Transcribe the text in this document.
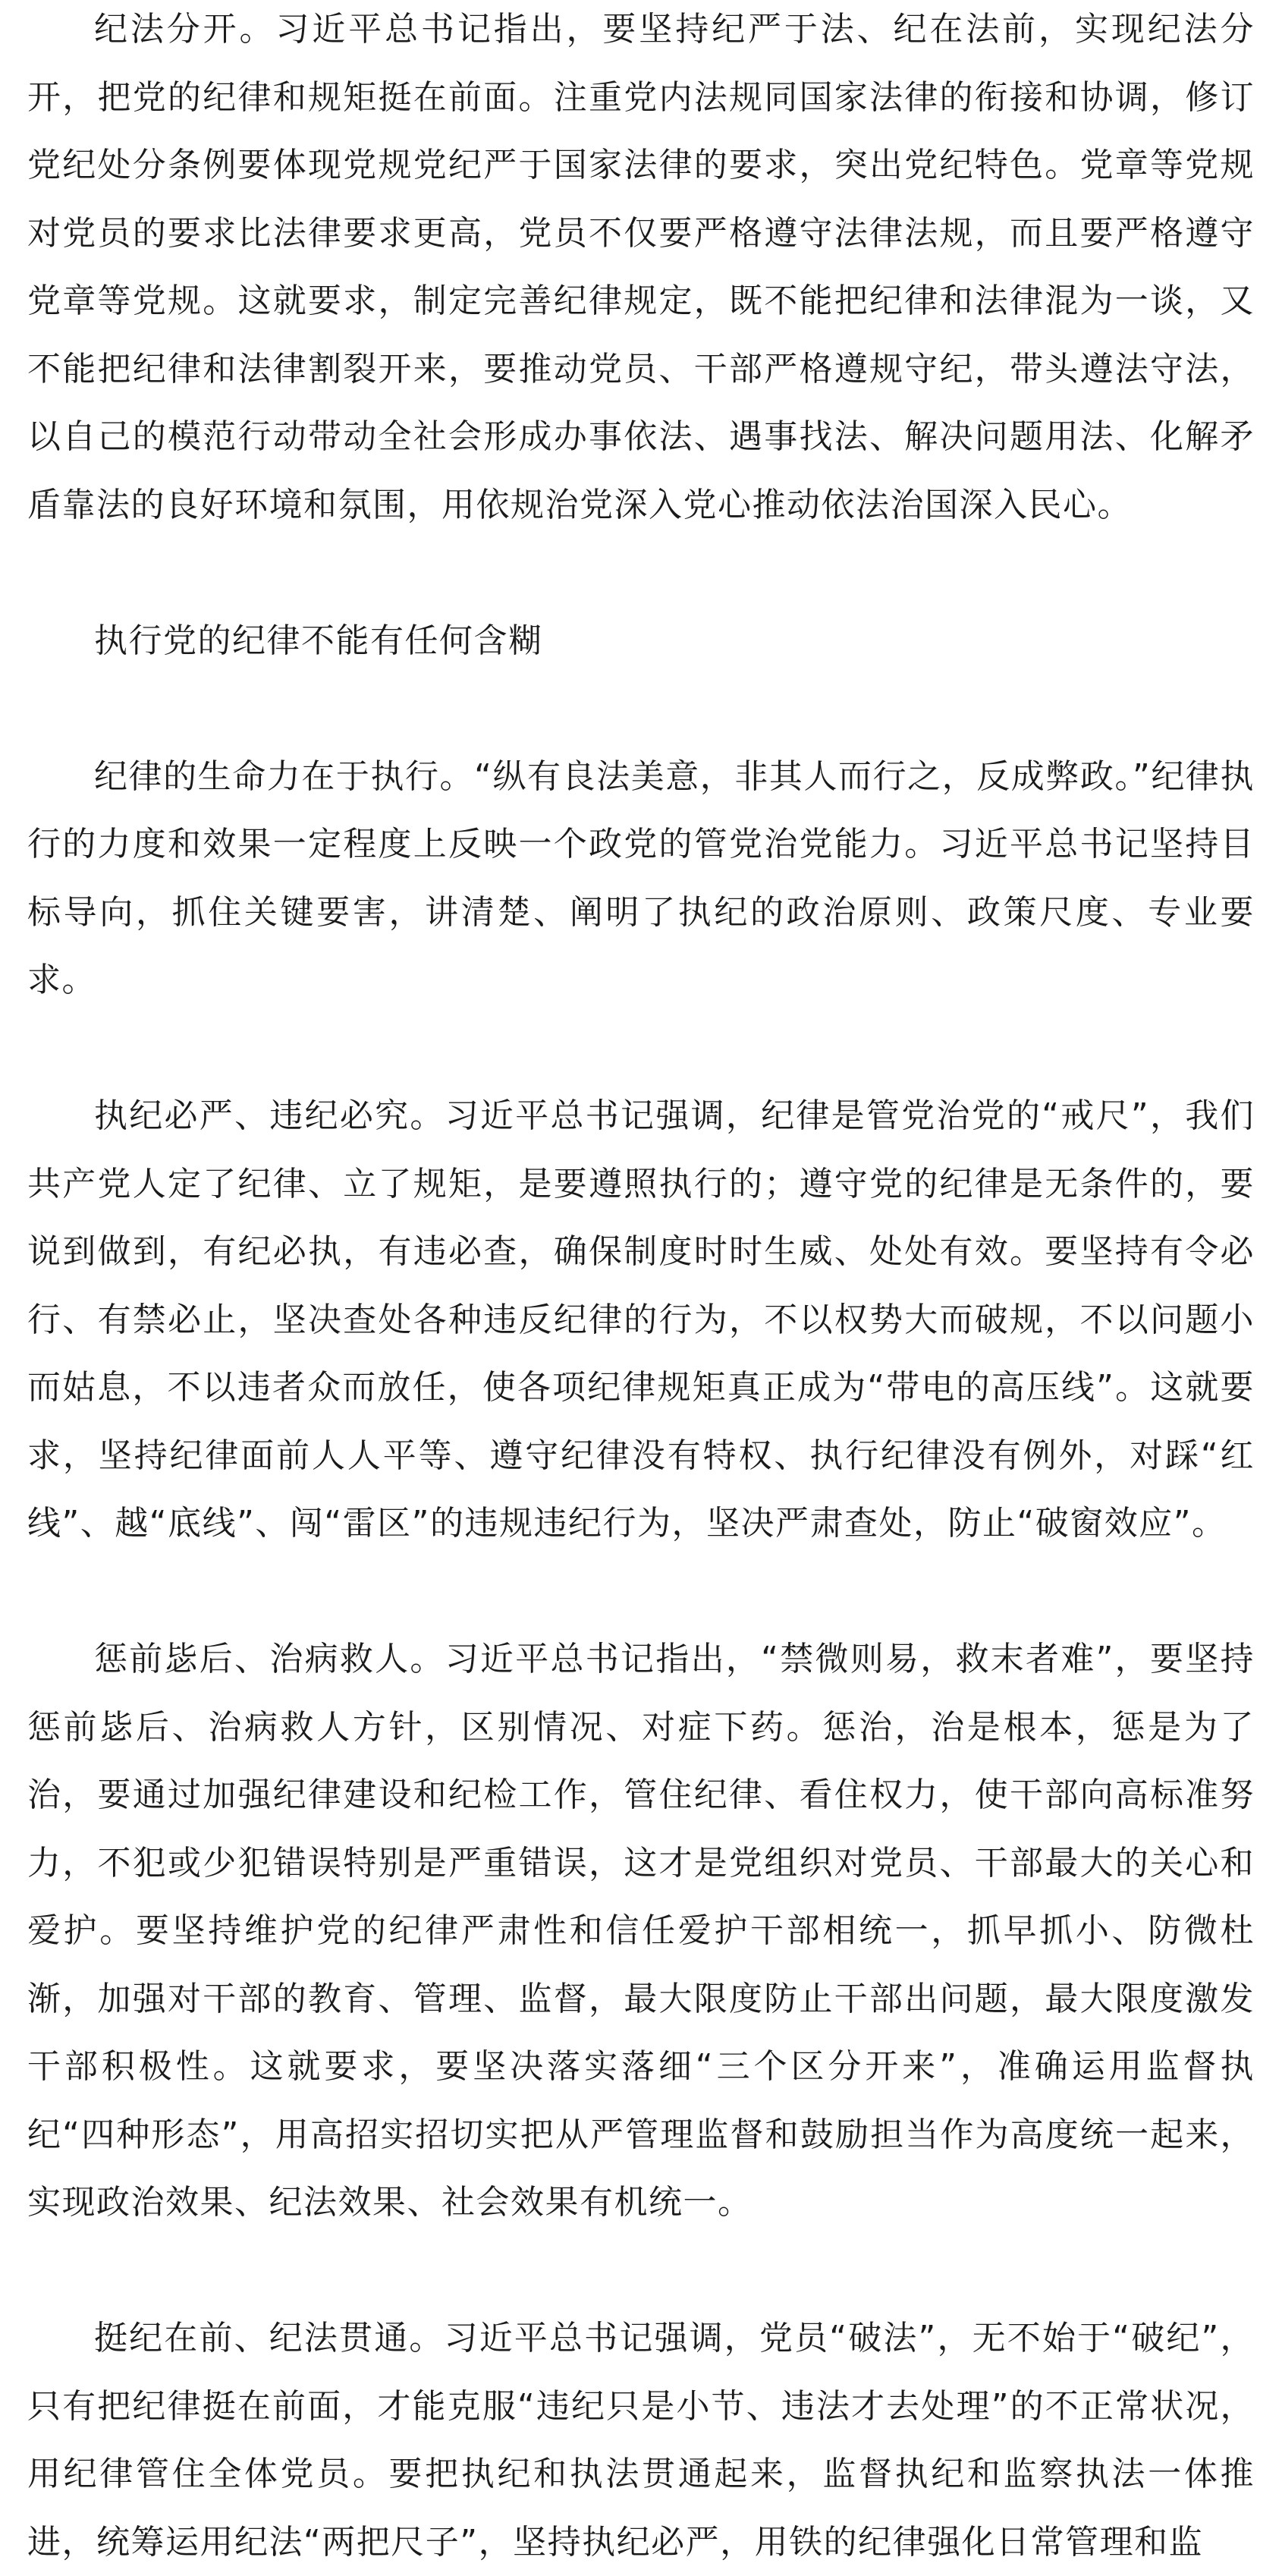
纪法分开。习近平总书记指出，要坚持纪严于法、纪在法前，实现纪法分开，把党的纪律和规矩挺在前面。注重党内法规同国家法律的衔接和协调，修订党纪处分条例要体现党规党纪严于国家法律的要求，突出党纪特色。党章等党规对党员的要求比法律要求更高，党员不仅要严格遵守法律法规，而且要严格遵守党章等党规。这就要求，制定完善纪律规定，既不能把纪律和法律混为一谈，又不能把纪律和法律割裂开来，要推动党员、干部严格遵规守纪，带头遵法守法，以自己的模范行动带动全社会形成办事依法、遇事找法、解决问题用法、化解矛盾靠法的良好环境和氛围，用依规治党深入党心推动依法治国深入民心。

执行党的纪律不能有任何含糊

纪律的生命力在于执行。“纵有良法美意，非其人而行之，反成弊政。”纪律执行的力度和效果一定程度上反映一个政党的管党治党能力。习近平总书记坚持目标导向，抓住关键要害，讲清楚、阐明了执纪的政治原则、政策尺度、专业要求。

执纪必严、违纪必究。习近平总书记强调，纪律是管党治党的“戒尺”，我们共产党人定了纪律、立了规矩，是要遵照执行的；遵守党的纪律是无条件的，要说到做到，有纪必执，有违必查，确保制度时时生威、处处有效。要坚持有令必行、有禁必止，坚决查处各种违反纪律的行为，不以权势大而破规，不以问题小而姑息，不以违者众而放任，使各项纪律规矩真正成为“带电的高压线”。这就要求，坚持纪律面前人人平等、遵守纪律没有特权、执行纪律没有例外，对踩“红线”、越“底线”、闯“雷区”的违规违纪行为，坚决严肃查处，防止“破窗效应”。

惩前毖后、治病救人。习近平总书记指出，“禁微则易，救末者难”，要坚持惩前毖后、治病救人方针，区别情况、对症下药。惩治，治是根本，惩是为了治，要通过加强纪律建设和纪检工作，管住纪律、看住权力，使干部向高标准努力，不犯或少犯错误特别是严重错误，这才是党组织对党员、干部最大的关心和爱护。要坚持维护党的纪律严肃性和信任爱护干部相统一，抓早抓小、防微杜渐，加强对干部的教育、管理、监督，最大限度防止干部出问题，最大限度激发干部积极性。这就要求，要坚决落实落细“三个区分开来”，准确运用监督执纪“四种形态”，用高招实招切实把从严管理监督和鼓励担当作为高度统一起来，实现政治效果、纪法效果、社会效果有机统一。

挺纪在前、纪法贯通。习近平总书记强调，党员“破法”，无不始于“破纪”，只有把纪律挺在前面，才能克服“违纪只是小节、违法才去处理”的不正常状况，用纪律管住全体党员。要把执纪和执法贯通起来，监督执纪和监察执法一体推进，统筹运用纪法“两把尺子”，坚持执纪必严，用铁的纪律强化日常管理和监
